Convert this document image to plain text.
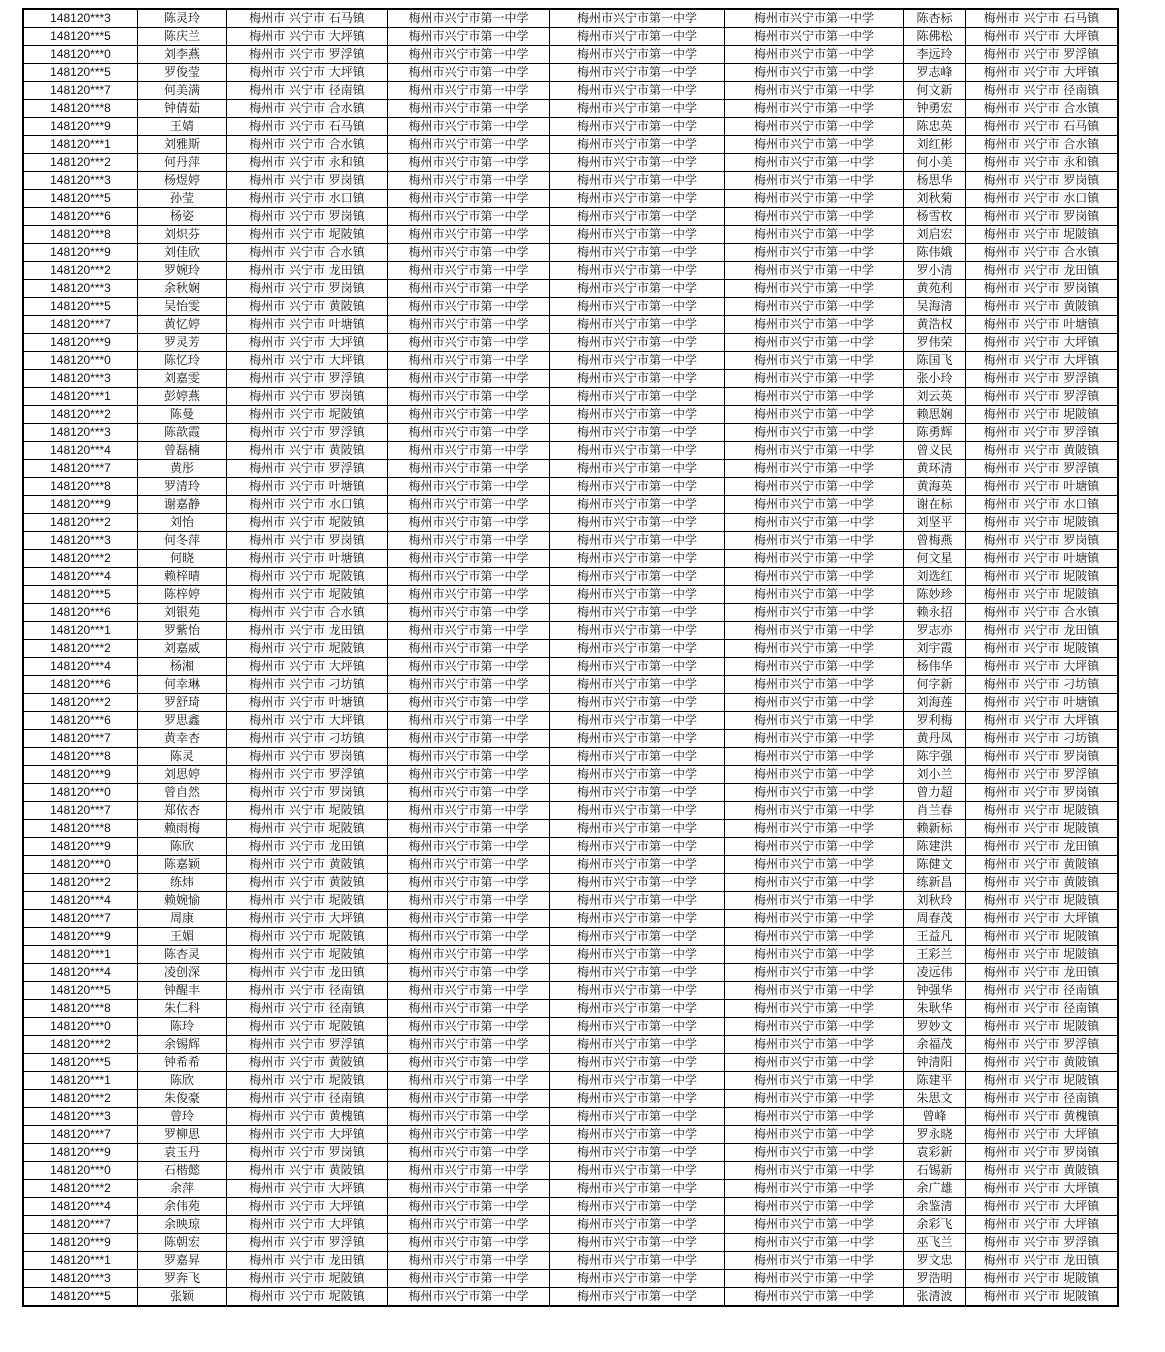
148120***3	陈灵玲	梅州市 兴宁市 石马镇	梅州市兴宁市第一中学	梅州市兴宁市第一中学	梅州市兴宁市第一中学	陈杏标	梅州市 兴宁市 石马镇
148120***5	陈庆兰	梅州市 兴宁市 大坪镇	梅州市兴宁市第一中学	梅州市兴宁市第一中学	梅州市兴宁市第一中学	陈佛松	梅州市 兴宁市 大坪镇
148120***0	刘李燕	梅州市 兴宁市 罗浮镇	梅州市兴宁市第一中学	梅州市兴宁市第一中学	梅州市兴宁市第一中学	李远玲	梅州市 兴宁市 罗浮镇
148120***5	罗俊莹	梅州市 兴宁市 大坪镇	梅州市兴宁市第一中学	梅州市兴宁市第一中学	梅州市兴宁市第一中学	罗志峰	梅州市 兴宁市 大坪镇
148120***7	何美满	梅州市 兴宁市 径南镇	梅州市兴宁市第一中学	梅州市兴宁市第一中学	梅州市兴宁市第一中学	何文新	梅州市 兴宁市 径南镇
148120***8	钟倩茹	梅州市 兴宁市 合水镇	梅州市兴宁市第一中学	梅州市兴宁市第一中学	梅州市兴宁市第一中学	钟勇宏	梅州市 兴宁市 合水镇
148120***9	王婧	梅州市 兴宁市 石马镇	梅州市兴宁市第一中学	梅州市兴宁市第一中学	梅州市兴宁市第一中学	陈忠英	梅州市 兴宁市 石马镇
148120***1	刘雅斯	梅州市 兴宁市 合水镇	梅州市兴宁市第一中学	梅州市兴宁市第一中学	梅州市兴宁市第一中学	刘红彬	梅州市 兴宁市 合水镇
148120***2	何丹萍	梅州市 兴宁市 永和镇	梅州市兴宁市第一中学	梅州市兴宁市第一中学	梅州市兴宁市第一中学	何小美	梅州市 兴宁市 永和镇
148120***3	杨煜婷	梅州市 兴宁市 罗岗镇	梅州市兴宁市第一中学	梅州市兴宁市第一中学	梅州市兴宁市第一中学	杨思华	梅州市 兴宁市 罗岗镇
148120***5	孙莹	梅州市 兴宁市 水口镇	梅州市兴宁市第一中学	梅州市兴宁市第一中学	梅州市兴宁市第一中学	刘秋菊	梅州市 兴宁市 水口镇
148120***6	杨姿	梅州市 兴宁市 罗岗镇	梅州市兴宁市第一中学	梅州市兴宁市第一中学	梅州市兴宁市第一中学	杨雪枚	梅州市 兴宁市 罗岗镇
148120***8	刘炽芬	梅州市 兴宁市 坭陂镇	梅州市兴宁市第一中学	梅州市兴宁市第一中学	梅州市兴宁市第一中学	刘启宏	梅州市 兴宁市 坭陂镇
148120***9	刘佳欣	梅州市 兴宁市 合水镇	梅州市兴宁市第一中学	梅州市兴宁市第一中学	梅州市兴宁市第一中学	陈伟娥	梅州市 兴宁市 合水镇
148120***2	罗婉玲	梅州市 兴宁市 龙田镇	梅州市兴宁市第一中学	梅州市兴宁市第一中学	梅州市兴宁市第一中学	罗小清	梅州市 兴宁市 龙田镇
148120***3	余秋娴	梅州市 兴宁市 罗岗镇	梅州市兴宁市第一中学	梅州市兴宁市第一中学	梅州市兴宁市第一中学	黄苑利	梅州市 兴宁市 罗岗镇
148120***5	吴怡雯	梅州市 兴宁市 黄陂镇	梅州市兴宁市第一中学	梅州市兴宁市第一中学	梅州市兴宁市第一中学	吴海清	梅州市 兴宁市 黄陂镇
148120***7	黄忆婷	梅州市 兴宁市 叶塘镇	梅州市兴宁市第一中学	梅州市兴宁市第一中学	梅州市兴宁市第一中学	黄浩权	梅州市 兴宁市 叶塘镇
148120***9	罗灵芳	梅州市 兴宁市 大坪镇	梅州市兴宁市第一中学	梅州市兴宁市第一中学	梅州市兴宁市第一中学	罗伟荣	梅州市 兴宁市 大坪镇
148120***0	陈忆玲	梅州市 兴宁市 大坪镇	梅州市兴宁市第一中学	梅州市兴宁市第一中学	梅州市兴宁市第一中学	陈国飞	梅州市 兴宁市 大坪镇
148120***3	刘嘉雯	梅州市 兴宁市 罗浮镇	梅州市兴宁市第一中学	梅州市兴宁市第一中学	梅州市兴宁市第一中学	张小玲	梅州市 兴宁市 罗浮镇
148120***1	彭婷燕	梅州市 兴宁市 罗岗镇	梅州市兴宁市第一中学	梅州市兴宁市第一中学	梅州市兴宁市第一中学	刘云英	梅州市 兴宁市 罗浮镇
148120***2	陈曼	梅州市 兴宁市 坭陂镇	梅州市兴宁市第一中学	梅州市兴宁市第一中学	梅州市兴宁市第一中学	赖思娴	梅州市 兴宁市 坭陂镇
148120***3	陈歆霞	梅州市 兴宁市 罗浮镇	梅州市兴宁市第一中学	梅州市兴宁市第一中学	梅州市兴宁市第一中学	陈勇辉	梅州市 兴宁市 罗浮镇
148120***4	曾磊楠	梅州市 兴宁市 黄陂镇	梅州市兴宁市第一中学	梅州市兴宁市第一中学	梅州市兴宁市第一中学	曾义民	梅州市 兴宁市 黄陂镇
148120***7	黄彤	梅州市 兴宁市 罗浮镇	梅州市兴宁市第一中学	梅州市兴宁市第一中学	梅州市兴宁市第一中学	黄环清	梅州市 兴宁市 罗浮镇
148120***8	罗清玲	梅州市 兴宁市 叶塘镇	梅州市兴宁市第一中学	梅州市兴宁市第一中学	梅州市兴宁市第一中学	黄海英	梅州市 兴宁市 叶塘镇
148120***9	谢嘉静	梅州市 兴宁市 水口镇	梅州市兴宁市第一中学	梅州市兴宁市第一中学	梅州市兴宁市第一中学	谢在标	梅州市 兴宁市 水口镇
148120***2	刘怡	梅州市 兴宁市 坭陂镇	梅州市兴宁市第一中学	梅州市兴宁市第一中学	梅州市兴宁市第一中学	刘坚平	梅州市 兴宁市 坭陂镇
148120***3	何冬萍	梅州市 兴宁市 罗岗镇	梅州市兴宁市第一中学	梅州市兴宁市第一中学	梅州市兴宁市第一中学	曾梅燕	梅州市 兴宁市 罗岗镇
148120***2	何晓	梅州市 兴宁市 叶塘镇	梅州市兴宁市第一中学	梅州市兴宁市第一中学	梅州市兴宁市第一中学	何文星	梅州市 兴宁市 叶塘镇
148120***4	赖梓晴	梅州市 兴宁市 坭陂镇	梅州市兴宁市第一中学	梅州市兴宁市第一中学	梅州市兴宁市第一中学	刘选红	梅州市 兴宁市 坭陂镇
148120***5	陈梓婷	梅州市 兴宁市 坭陂镇	梅州市兴宁市第一中学	梅州市兴宁市第一中学	梅州市兴宁市第一中学	陈妙珍	梅州市 兴宁市 坭陂镇
148120***6	刘银苑	梅州市 兴宁市 合水镇	梅州市兴宁市第一中学	梅州市兴宁市第一中学	梅州市兴宁市第一中学	赖永招	梅州市 兴宁市 合水镇
148120***1	罗紫怡	梅州市 兴宁市 龙田镇	梅州市兴宁市第一中学	梅州市兴宁市第一中学	梅州市兴宁市第一中学	罗志亦	梅州市 兴宁市 龙田镇
148120***2	刘嘉威	梅州市 兴宁市 坭陂镇	梅州市兴宁市第一中学	梅州市兴宁市第一中学	梅州市兴宁市第一中学	刘宇霞	梅州市 兴宁市 坭陂镇
148120***4	杨湘	梅州市 兴宁市 大坪镇	梅州市兴宁市第一中学	梅州市兴宁市第一中学	梅州市兴宁市第一中学	杨伟华	梅州市 兴宁市 大坪镇
148120***6	何幸琳	梅州市 兴宁市 刁坊镇	梅州市兴宁市第一中学	梅州市兴宁市第一中学	梅州市兴宁市第一中学	何字新	梅州市 兴宁市 刁坊镇
148120***2	罗舒琦	梅州市 兴宁市 叶塘镇	梅州市兴宁市第一中学	梅州市兴宁市第一中学	梅州市兴宁市第一中学	刘海莲	梅州市 兴宁市 叶塘镇
148120***6	罗思鑫	梅州市 兴宁市 大坪镇	梅州市兴宁市第一中学	梅州市兴宁市第一中学	梅州市兴宁市第一中学	罗利梅	梅州市 兴宁市 大坪镇
148120***7	黄幸杏	梅州市 兴宁市 刁坊镇	梅州市兴宁市第一中学	梅州市兴宁市第一中学	梅州市兴宁市第一中学	黄丹凤	梅州市 兴宁市 刁坊镇
148120***8	陈灵	梅州市 兴宁市 罗岗镇	梅州市兴宁市第一中学	梅州市兴宁市第一中学	梅州市兴宁市第一中学	陈宇强	梅州市 兴宁市 罗岗镇
148120***9	刘思婷	梅州市 兴宁市 罗浮镇	梅州市兴宁市第一中学	梅州市兴宁市第一中学	梅州市兴宁市第一中学	刘小兰	梅州市 兴宁市 罗浮镇
148120***0	曾自然	梅州市 兴宁市 罗岗镇	梅州市兴宁市第一中学	梅州市兴宁市第一中学	梅州市兴宁市第一中学	曾力超	梅州市 兴宁市 罗岗镇
148120***7	郑依杏	梅州市 兴宁市 坭陂镇	梅州市兴宁市第一中学	梅州市兴宁市第一中学	梅州市兴宁市第一中学	肖兰春	梅州市 兴宁市 坭陂镇
148120***8	赖雨梅	梅州市 兴宁市 坭陂镇	梅州市兴宁市第一中学	梅州市兴宁市第一中学	梅州市兴宁市第一中学	赖新标	梅州市 兴宁市 坭陂镇
148120***9	陈欣	梅州市 兴宁市 龙田镇	梅州市兴宁市第一中学	梅州市兴宁市第一中学	梅州市兴宁市第一中学	陈建洪	梅州市 兴宁市 龙田镇
148120***0	陈嘉颖	梅州市 兴宁市 黄陂镇	梅州市兴宁市第一中学	梅州市兴宁市第一中学	梅州市兴宁市第一中学	陈健文	梅州市 兴宁市 黄陂镇
148120***2	练炜	梅州市 兴宁市 黄陂镇	梅州市兴宁市第一中学	梅州市兴宁市第一中学	梅州市兴宁市第一中学	练新昌	梅州市 兴宁市 黄陂镇
148120***4	赖婉愉	梅州市 兴宁市 坭陂镇	梅州市兴宁市第一中学	梅州市兴宁市第一中学	梅州市兴宁市第一中学	刘秋玲	梅州市 兴宁市 坭陂镇
148120***7	周康	梅州市 兴宁市 大坪镇	梅州市兴宁市第一中学	梅州市兴宁市第一中学	梅州市兴宁市第一中学	周春茂	梅州市 兴宁市 大坪镇
148120***9	王媚	梅州市 兴宁市 坭陂镇	梅州市兴宁市第一中学	梅州市兴宁市第一中学	梅州市兴宁市第一中学	王益凡	梅州市 兴宁市 坭陂镇
148120***1	陈杏灵	梅州市 兴宁市 坭陂镇	梅州市兴宁市第一中学	梅州市兴宁市第一中学	梅州市兴宁市第一中学	王彩兰	梅州市 兴宁市 坭陂镇
148120***4	凌创深	梅州市 兴宁市 龙田镇	梅州市兴宁市第一中学	梅州市兴宁市第一中学	梅州市兴宁市第一中学	凌远伟	梅州市 兴宁市 龙田镇
148120***5	钟醒丰	梅州市 兴宁市 径南镇	梅州市兴宁市第一中学	梅州市兴宁市第一中学	梅州市兴宁市第一中学	钟强华	梅州市 兴宁市 径南镇
148120***8	朱仁科	梅州市 兴宁市 径南镇	梅州市兴宁市第一中学	梅州市兴宁市第一中学	梅州市兴宁市第一中学	朱耿华	梅州市 兴宁市 径南镇
148120***0	陈玲	梅州市 兴宁市 坭陂镇	梅州市兴宁市第一中学	梅州市兴宁市第一中学	梅州市兴宁市第一中学	罗妙文	梅州市 兴宁市 坭陂镇
148120***2	余锡辉	梅州市 兴宁市 罗浮镇	梅州市兴宁市第一中学	梅州市兴宁市第一中学	梅州市兴宁市第一中学	余福茂	梅州市 兴宁市 罗浮镇
148120***5	钟希希	梅州市 兴宁市 黄陂镇	梅州市兴宁市第一中学	梅州市兴宁市第一中学	梅州市兴宁市第一中学	钟清阳	梅州市 兴宁市 黄陂镇
148120***1	陈欣	梅州市 兴宁市 坭陂镇	梅州市兴宁市第一中学	梅州市兴宁市第一中学	梅州市兴宁市第一中学	陈建平	梅州市 兴宁市 坭陂镇
148120***2	朱俊豪	梅州市 兴宁市 径南镇	梅州市兴宁市第一中学	梅州市兴宁市第一中学	梅州市兴宁市第一中学	朱思文	梅州市 兴宁市 径南镇
148120***3	曾玲	梅州市 兴宁市 黄槐镇	梅州市兴宁市第一中学	梅州市兴宁市第一中学	梅州市兴宁市第一中学	曾峰	梅州市 兴宁市 黄槐镇
148120***7	罗柳思	梅州市 兴宁市 大坪镇	梅州市兴宁市第一中学	梅州市兴宁市第一中学	梅州市兴宁市第一中学	罗永晓	梅州市 兴宁市 大坪镇
148120***9	袁玉丹	梅州市 兴宁市 罗岗镇	梅州市兴宁市第一中学	梅州市兴宁市第一中学	梅州市兴宁市第一中学	袁彩新	梅州市 兴宁市 罗岗镇
148120***0	石楷懿	梅州市 兴宁市 黄陂镇	梅州市兴宁市第一中学	梅州市兴宁市第一中学	梅州市兴宁市第一中学	石锡新	梅州市 兴宁市 黄陂镇
148120***2	余萍	梅州市 兴宁市 大坪镇	梅州市兴宁市第一中学	梅州市兴宁市第一中学	梅州市兴宁市第一中学	余广雄	梅州市 兴宁市 大坪镇
148120***4	余伟苑	梅州市 兴宁市 大坪镇	梅州市兴宁市第一中学	梅州市兴宁市第一中学	梅州市兴宁市第一中学	余鉴清	梅州市 兴宁市 大坪镇
148120***7	余映琼	梅州市 兴宁市 大坪镇	梅州市兴宁市第一中学	梅州市兴宁市第一中学	梅州市兴宁市第一中学	余彩飞	梅州市 兴宁市 大坪镇
148120***9	陈朝宏	梅州市 兴宁市 罗浮镇	梅州市兴宁市第一中学	梅州市兴宁市第一中学	梅州市兴宁市第一中学	巫飞兰	梅州市 兴宁市 罗浮镇
148120***1	罗嘉昇	梅州市 兴宁市 龙田镇	梅州市兴宁市第一中学	梅州市兴宁市第一中学	梅州市兴宁市第一中学	罗文忠	梅州市 兴宁市 龙田镇
148120***3	罗奔飞	梅州市 兴宁市 坭陂镇	梅州市兴宁市第一中学	梅州市兴宁市第一中学	梅州市兴宁市第一中学	罗浩明	梅州市 兴宁市 坭陂镇
148120***5	张颖	梅州市 兴宁市 坭陂镇	梅州市兴宁市第一中学	梅州市兴宁市第一中学	梅州市兴宁市第一中学	张清波	梅州市 兴宁市 坭陂镇
